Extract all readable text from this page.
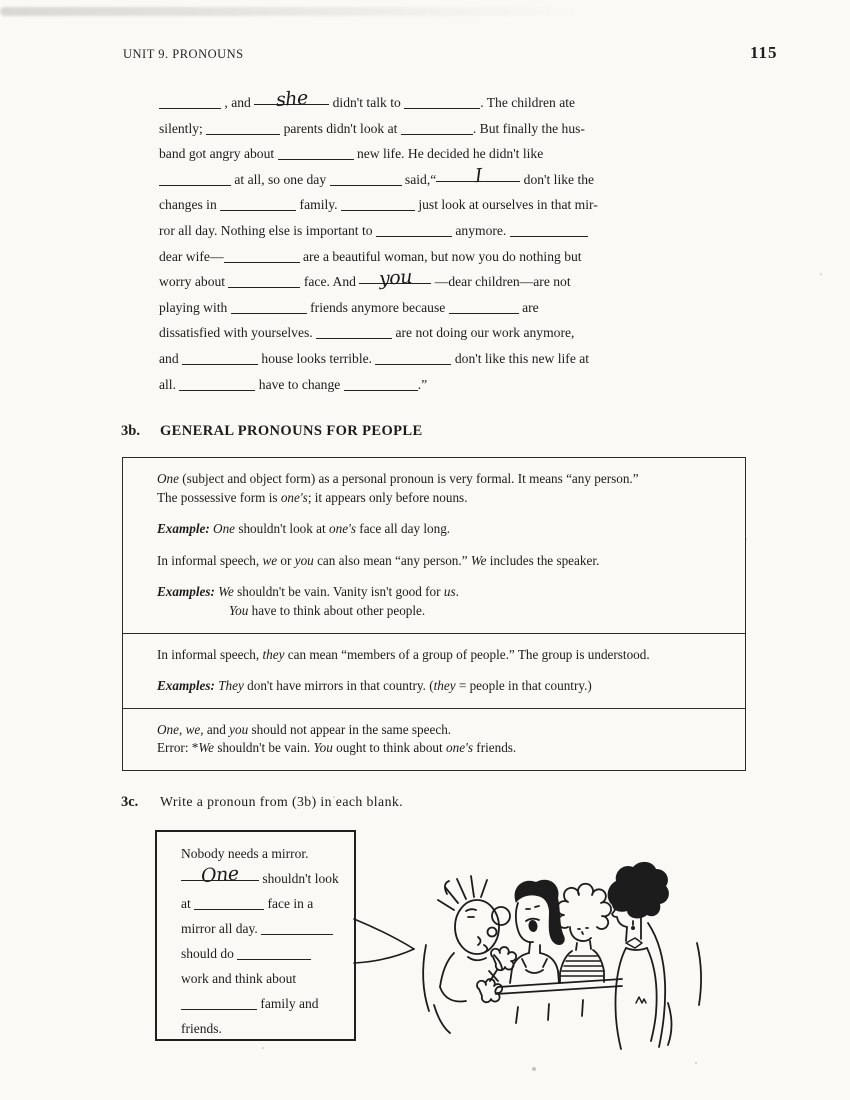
UNIT 9. PRONOUNS	115
, and she didn't talk to	. The children ate
silently;	parents didn't look at	. But finally the hus-
band got angry about	new life. He decided he didn't like
at all, so one day	said,“ I	don't like the
changes in	family.	just look at ourselves in that mir-
ror all day. Nothing else is important to	anymore.
dear wife—	are a beautiful woman, but now you do nothing but
worry about	face. And you —dear children—are not
playing with	friends anymore because	are
dissatisfied with yourselves.	are not doing our work anymore,
and	house looks terrible.	don't like this new life at
all.	have to change	.”
3b. GENERAL PRONOUNS FOR PEOPLE
One (subject and object form) as a personal pronoun is very formal. It means “any person.”
The possessive form is one's; it appears only before nouns.
Example: One shouldn't look at one's face all day long.
In informal speech, we or you can also mean “any person.” We includes the speaker.
Examples: We shouldn't be vain. Vanity isn't good for us.
You have to think about other people.
In informal speech, they can mean “members of a group of people.” The group is understood.
Examples: They don't have mirrors in that country. (they = people in that country.)
One, we, and you should not appear in the same speech.
Error: *We shouldn't be vain. You ought to think about one's friends.
3c. Write a pronoun from (3b) in each blank.
Nobody needs a mirror.
One shouldn't look
at	face in a
mirror all day.
should do
work and think about
family and
friends.
